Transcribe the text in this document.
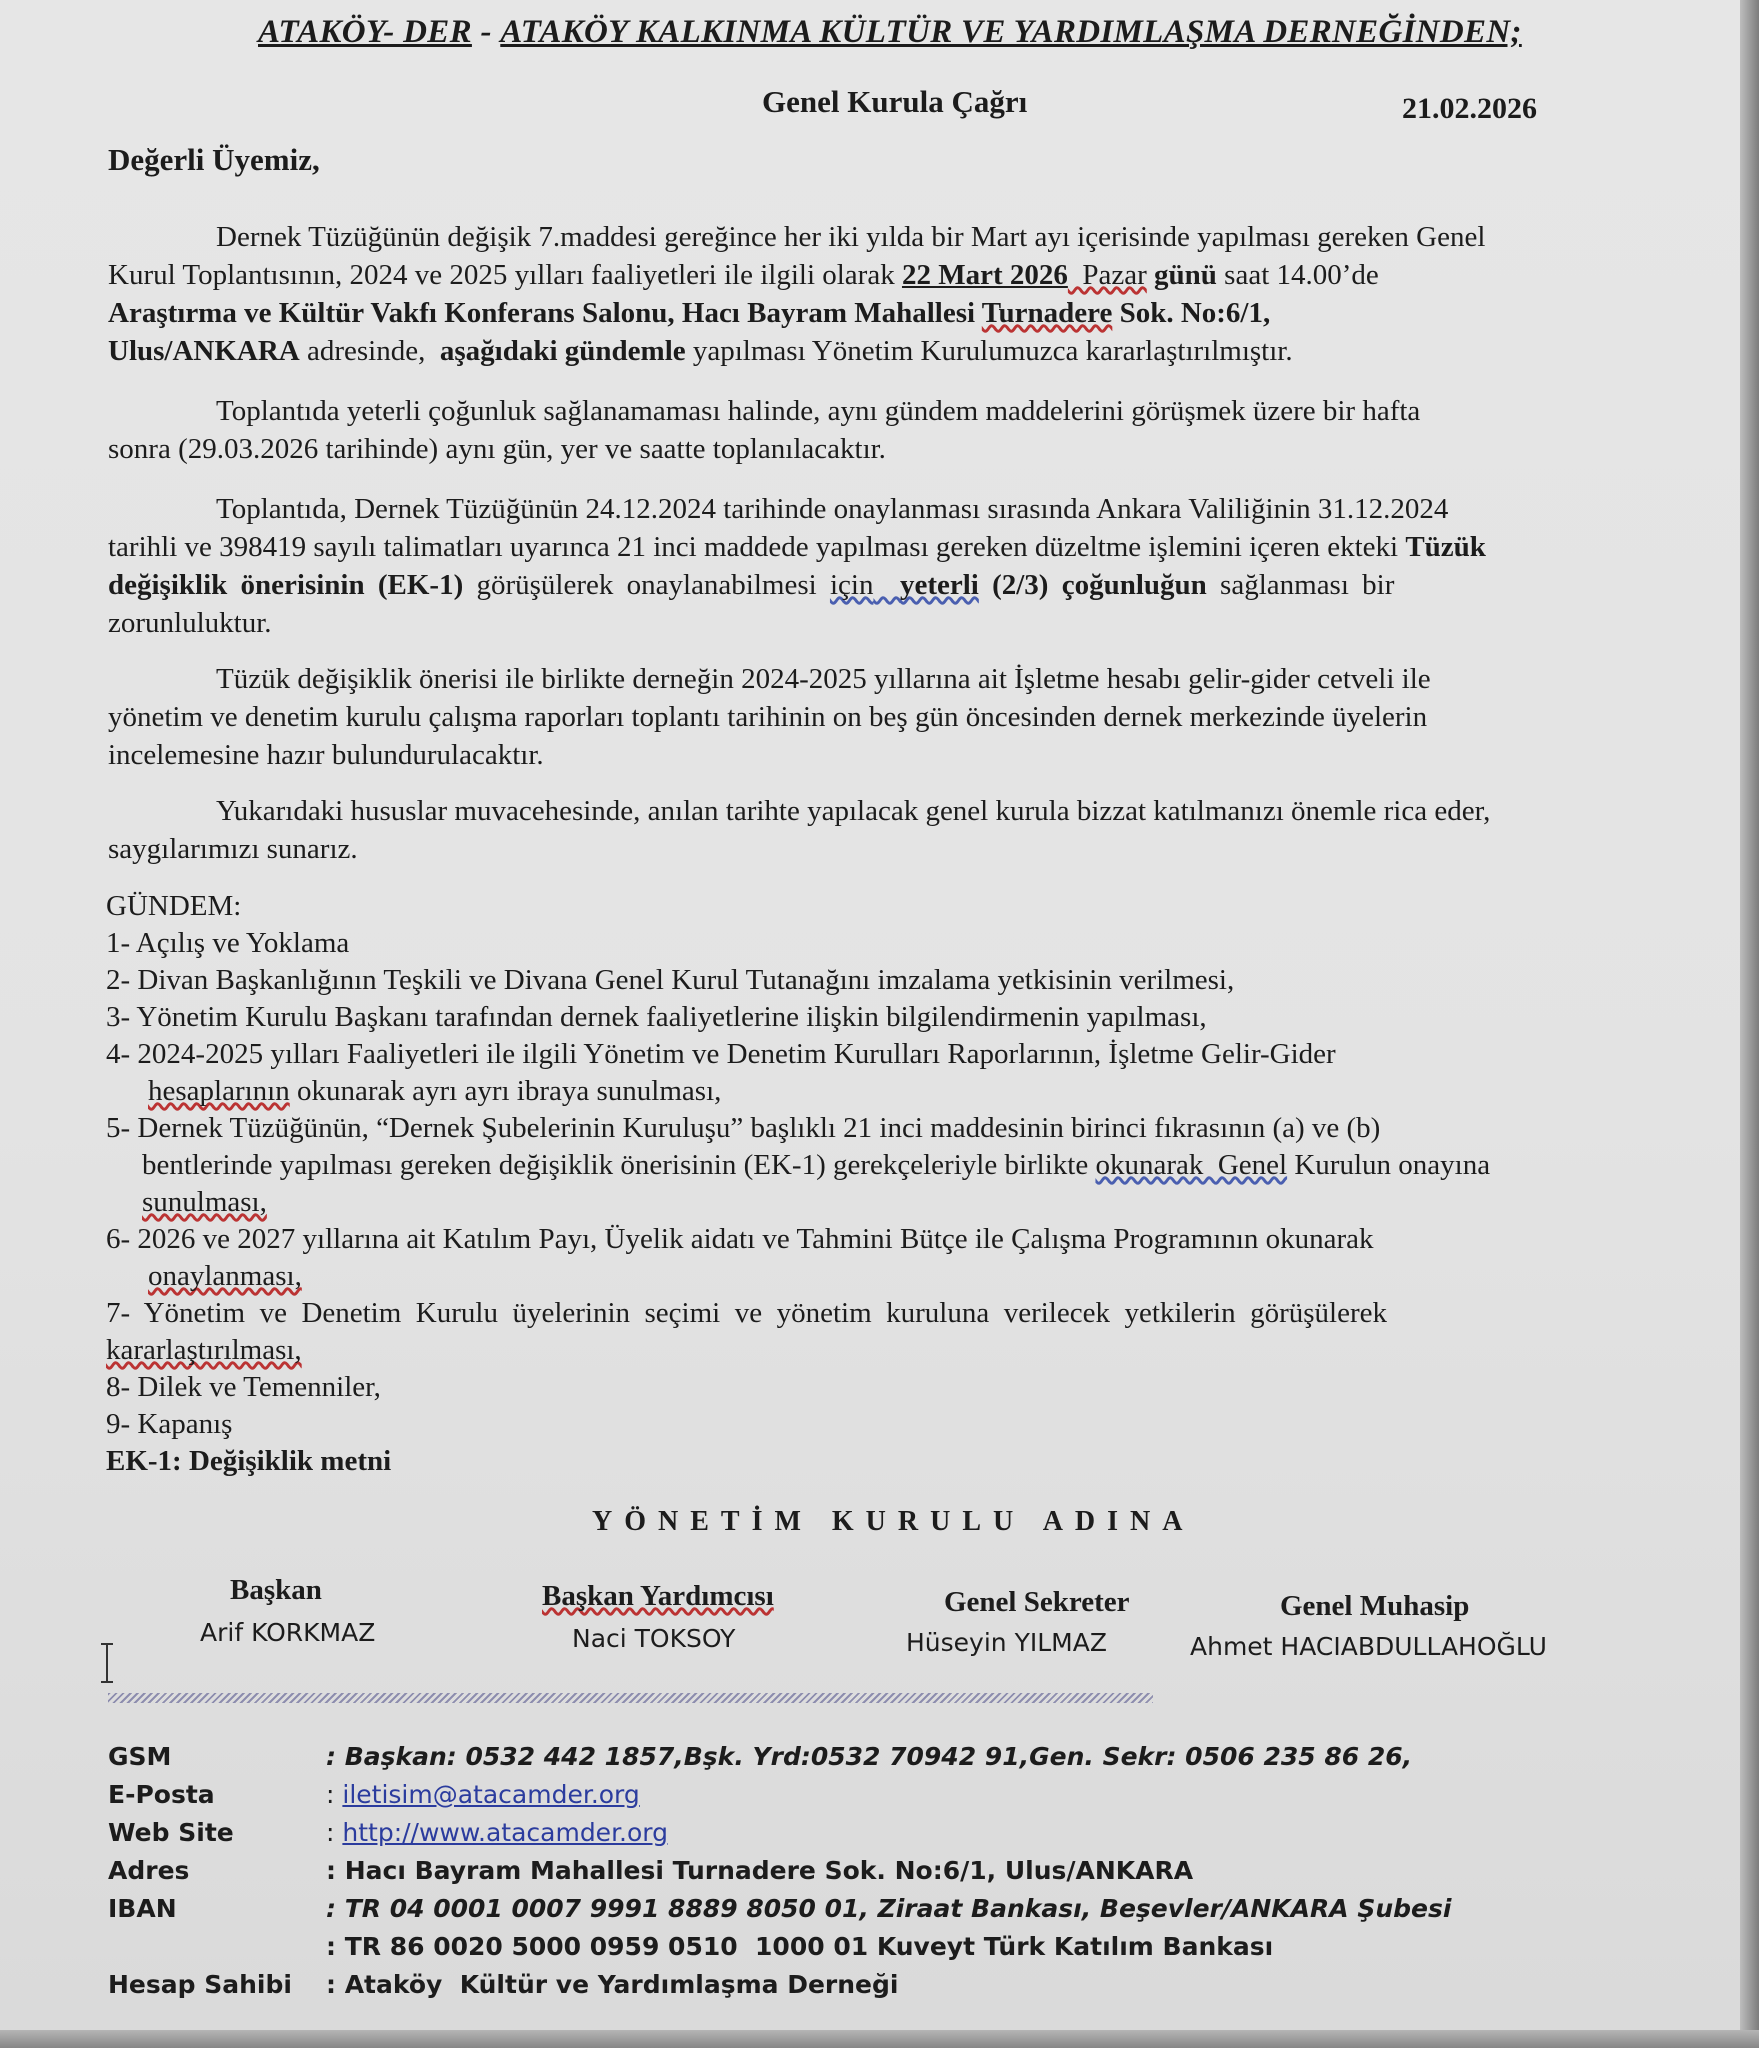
ATAKÖY- DER - ATAKÖY KALKINMA KÜLTÜR VE YARDIMLAŞMA DERNEĞİNDEN;
Genel Kurula Çağrı	21.02.2026
Değerli Üyemiz,
Dernek Tüzüğünün değişik 7.maddesi gereğince her iki yılda bir Mart ayı içerisinde yapılması gereken Genel
Kurul Toplantısının, 2024 ve 2025 yılları faaliyetleri ile ilgili olarak 22 Mart 2026  Pazar günü saat 14.00’de
Araştırma ve Kültür Vakfı Konferans Salonu, Hacı Bayram Mahallesi Turnadere Sok. No:6/1,
Ulus/ANKARA adresinde,  aşağıdaki gündemle yapılması Yönetim Kurulumuzca kararlaştırılmıştır.
Toplantıda yeterli çoğunluk sağlanamaması halinde, aynı gündem maddelerini görüşmek üzere bir hafta
sonra (29.03.2026 tarihinde) aynı gün, yer ve saatte toplanılacaktır.
Toplantıda, Dernek Tüzüğünün 24.12.2024 tarihinde onaylanması sırasında Ankara Valiliğinin 31.12.2024
tarihli ve 398419 sayılı talimatları uyarınca 21 inci maddede yapılması gereken düzeltme işlemini içeren ekteki Tüzük
değişiklik önerisinin (EK-1) görüşülerek onaylanabilmesi için yeterli (2/3) çoğunluğun sağlanması bir
zorunluluktur.
Tüzük değişiklik önerisi ile birlikte derneğin 2024-2025 yıllarına ait İşletme hesabı gelir-gider cetveli ile
yönetim ve denetim kurulu çalışma raporları toplantı tarihinin on beş gün öncesinden dernek merkezinde üyelerin
incelemesine hazır bulundurulacaktır.
Yukarıdaki hususlar muvacehesinde, anılan tarihte yapılacak genel kurula bizzat katılmanızı önemle rica eder,
saygılarımızı sunarız.
GÜNDEM:
1- Açılış ve Yoklama
2- Divan Başkanlığının Teşkili ve Divana Genel Kurul Tutanağını imzalama yetkisinin verilmesi,
3- Yönetim Kurulu Başkanı tarafından dernek faaliyetlerine ilişkin bilgilendirmenin yapılması,
4- 2024-2025 yılları Faaliyetleri ile ilgili Yönetim ve Denetim Kurulları Raporlarının, İşletme Gelir-Gider
hesaplarının okunarak ayrı ayrı ibraya sunulması,
5- Dernek Tüzüğünün, “Dernek Şubelerinin Kuruluşu” başlıklı 21 inci maddesinin birinci fıkrasının (a) ve (b)
bentlerinde yapılması gereken değişiklik önerisinin (EK-1) gerekçeleriyle birlikte okunarak  Genel Kurulun onayına
sunulması,
6- 2026 ve 2027 yıllarına ait Katılım Payı, Üyelik aidatı ve Tahmini Bütçe ile Çalışma Programının okunarak
onaylanması,
7-  Yönetim  ve  Denetim  Kurulu  üyelerinin  seçimi  ve  yönetim  kuruluna  verilecek  yetkilerin  görüşülerek
kararlaştırılması,
8- Dilek ve Temenniler,
9- Kapanış
EK-1: Değişiklik metni
YÖNETİM KURULU ADINA
Başkan
Arif KORKMAZ
Başkan Yardımcısı
Naci TOKSOY
Genel Sekreter
Hüseyin YILMAZ
Genel Muhasip
Ahmet HACIABDULLAHOĞLU
GSM	: Başkan: 0532 442 1857,Bşk. Yrd:0532 70942 91,Gen. Sekr: 0506 235 86 26,
E-Posta	: iletisim@atacamder.org
Web Site	: http://www.atacamder.org
Adres	: Hacı Bayram Mahallesi Turnadere Sok. No:6/1, Ulus/ANKARA
IBAN	: TR 04 0001 0007 9991 8889 8050 01, Ziraat Bankası, Beşevler/ANKARA Şubesi
: TR 86 0020 5000 0959 0510  1000 01 Kuveyt Türk Katılım Bankası
Hesap Sahibi : Ataköy  Kültür ve Yardımlaşma Derneği
